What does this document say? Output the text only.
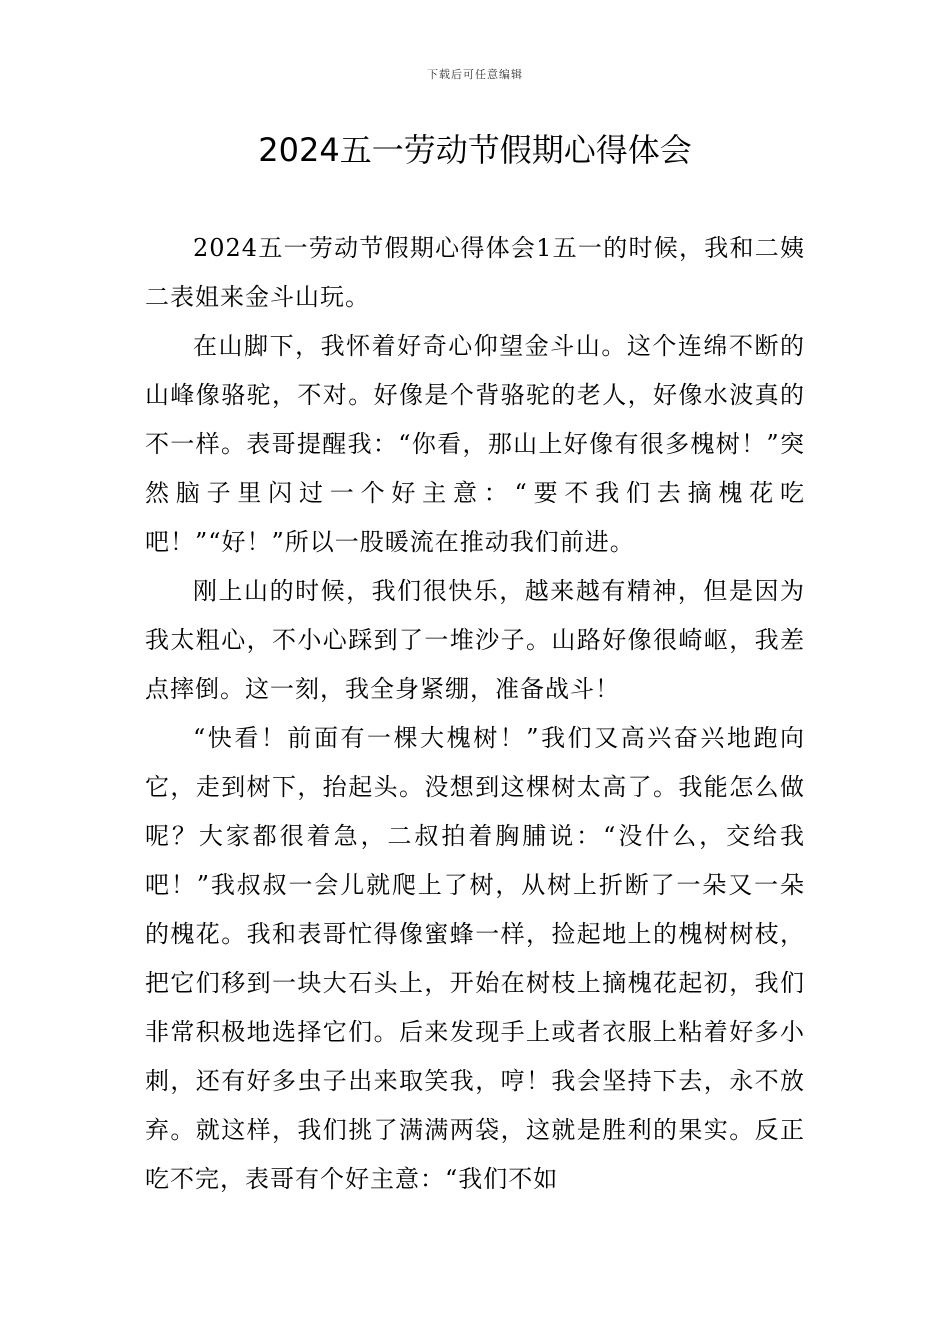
下载后可任意编辑
2024五一劳动节假期心得体会

2024五一劳动节假期心得体会1五一的时候，我和二姨二表姐来金斗山玩。

在山脚下，我怀着好奇心仰望金斗山。这个连绵不断的山峰像骆驼，不对。好像是个背骆驼的老人，好像水波真的不一样。表哥提醒我：“你看，那山上好像有很多槐树！”突然脑子里闪过一个好主意：“要不我们去摘槐花吃吧！”“好！”所以一股暖流在推动我们前进。

刚上山的时候，我们很快乐，越来越有精神，但是因为我太粗心，不小心踩到了一堆沙子。山路好像很崎岖，我差点摔倒。这一刻，我全身紧绷，准备战斗！

“快看！前面有一棵大槐树！”我们又高兴奋兴地跑向它，走到树下，抬起头。没想到这棵树太高了。我能怎么做呢？大家都很着急，二叔拍着胸脯说：“没什么，交给我吧！”我叔叔一会儿就爬上了树，从树上折断了一朵又一朵的槐花。我和表哥忙得像蜜蜂一样，捡起地上的槐树树枝，把它们移到一块大石头上，开始在树枝上摘槐花起初，我们非常积极地选择它们。后来发现手上或者衣服上粘着好多小刺，还有好多虫子出来取笑我，哼！我会坚持下去，永不放弃。就这样，我们挑了满满两袋，这就是胜利的果实。反正吃不完，表哥有个好主意：“我们不如
